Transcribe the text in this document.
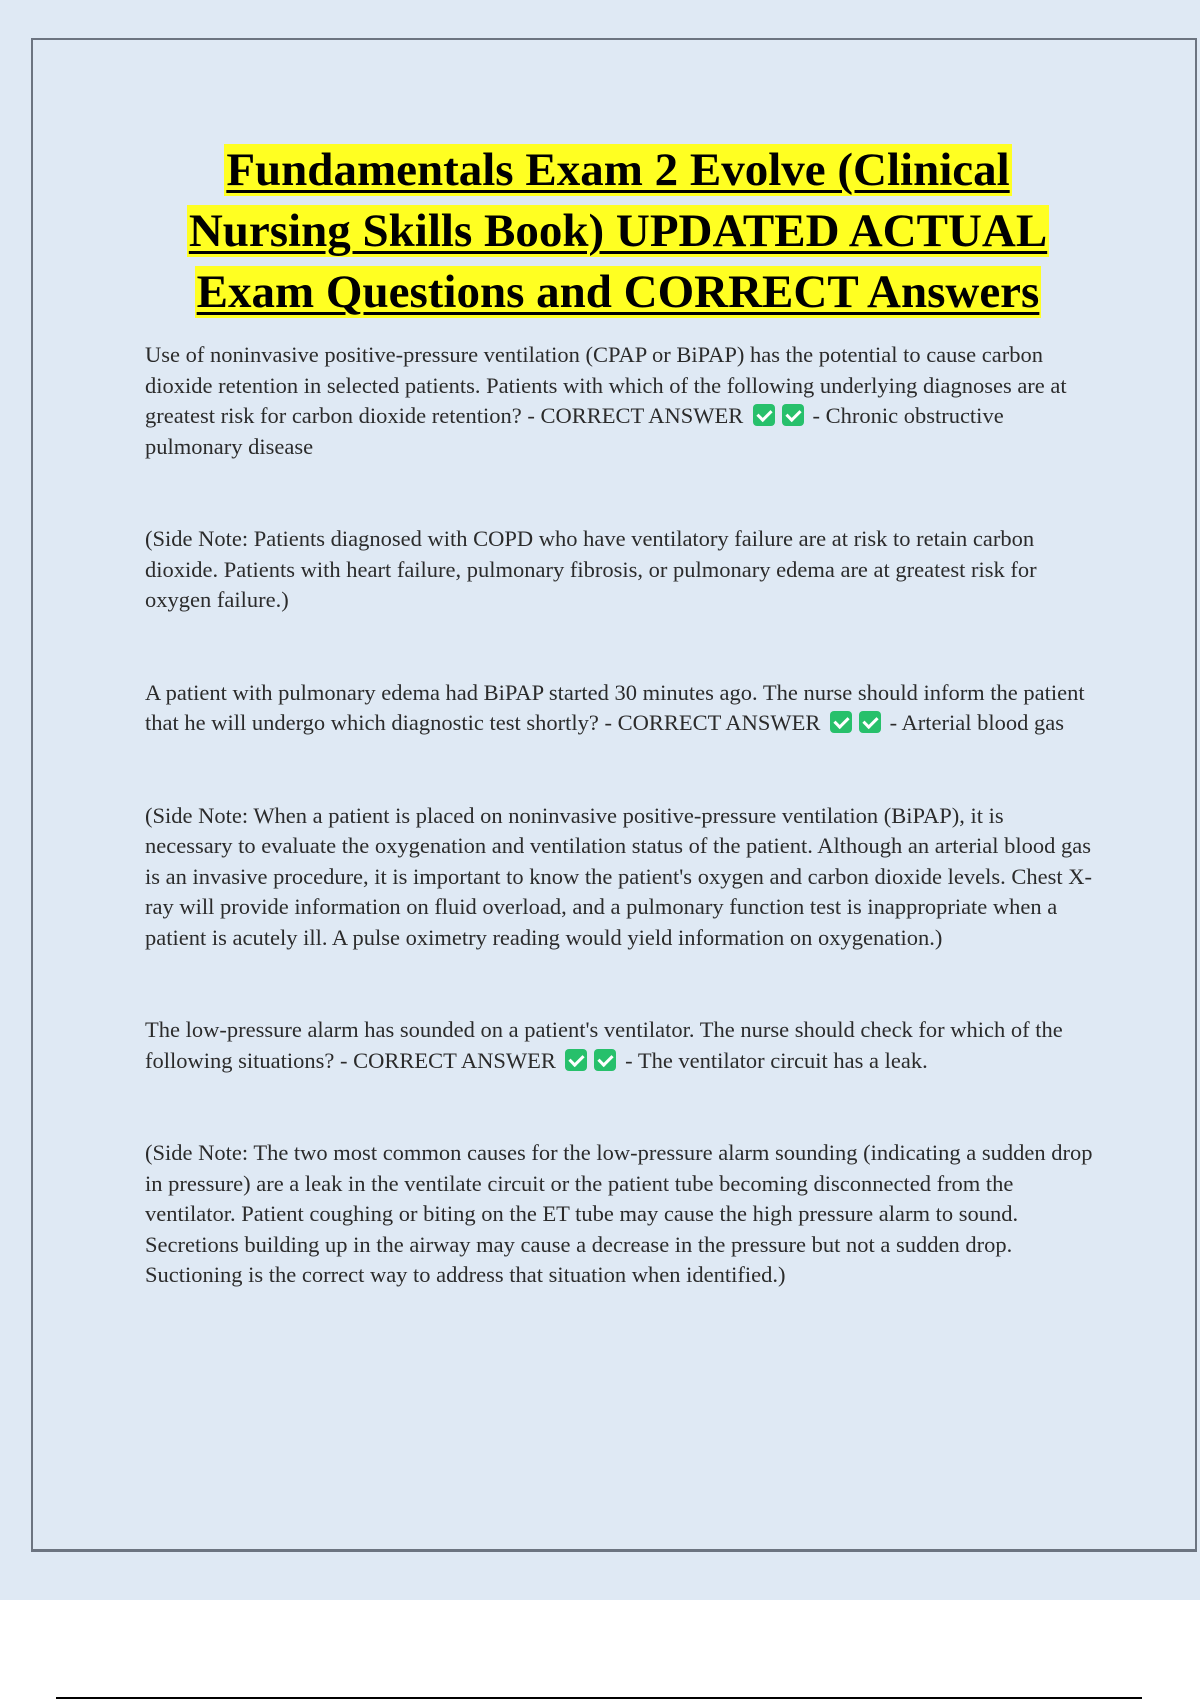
Fundamentals Exam 2 Evolve (Clinical
Nursing Skills Book) UPDATED ACTUAL
Exam Questions and CORRECT Answers

Use of noninvasive positive-pressure ventilation (CPAP or BiPAP) has the potential to cause carbon dioxide retention in selected patients. Patients with which of the following underlying diagnoses are at greatest risk for carbon dioxide retention? - CORRECT ANSWER	- Chronic obstructive pulmonary disease

(Side Note: Patients diagnosed with COPD who have ventilatory failure are at risk to retain carbon dioxide. Patients with heart failure, pulmonary fibrosis, or pulmonary edema are at greatest risk for oxygen failure.)

A patient with pulmonary edema had BiPAP started 30 minutes ago. The nurse should inform the patient that he will undergo which diagnostic test shortly? - CORRECT ANSWER	- Arterial blood gas

(Side Note: When a patient is placed on noninvasive positive-pressure ventilation (BiPAP), it is necessary to evaluate the oxygenation and ventilation status of the patient. Although an arterial blood gas is an invasive procedure, it is important to know the patient's oxygen and carbon dioxide levels. Chest X-ray will provide information on fluid overload, and a pulmonary function test is inappropriate when a patient is acutely ill. A pulse oximetry reading would yield information on oxygenation.)

The low-pressure alarm has sounded on a patient's ventilator. The nurse should check for which of the following situations? - CORRECT ANSWER	- The ventilator circuit has a leak.

(Side Note: The two most common causes for the low-pressure alarm sounding (indicating a sudden drop in pressure) are a leak in the ventilate circuit or the patient tube becoming disconnected from the ventilator. Patient coughing or biting on the ET tube may cause the high pressure alarm to sound. Secretions building up in the airway may cause a decrease in the pressure but not a sudden drop. Suctioning is the correct way to address that situation when identified.)
